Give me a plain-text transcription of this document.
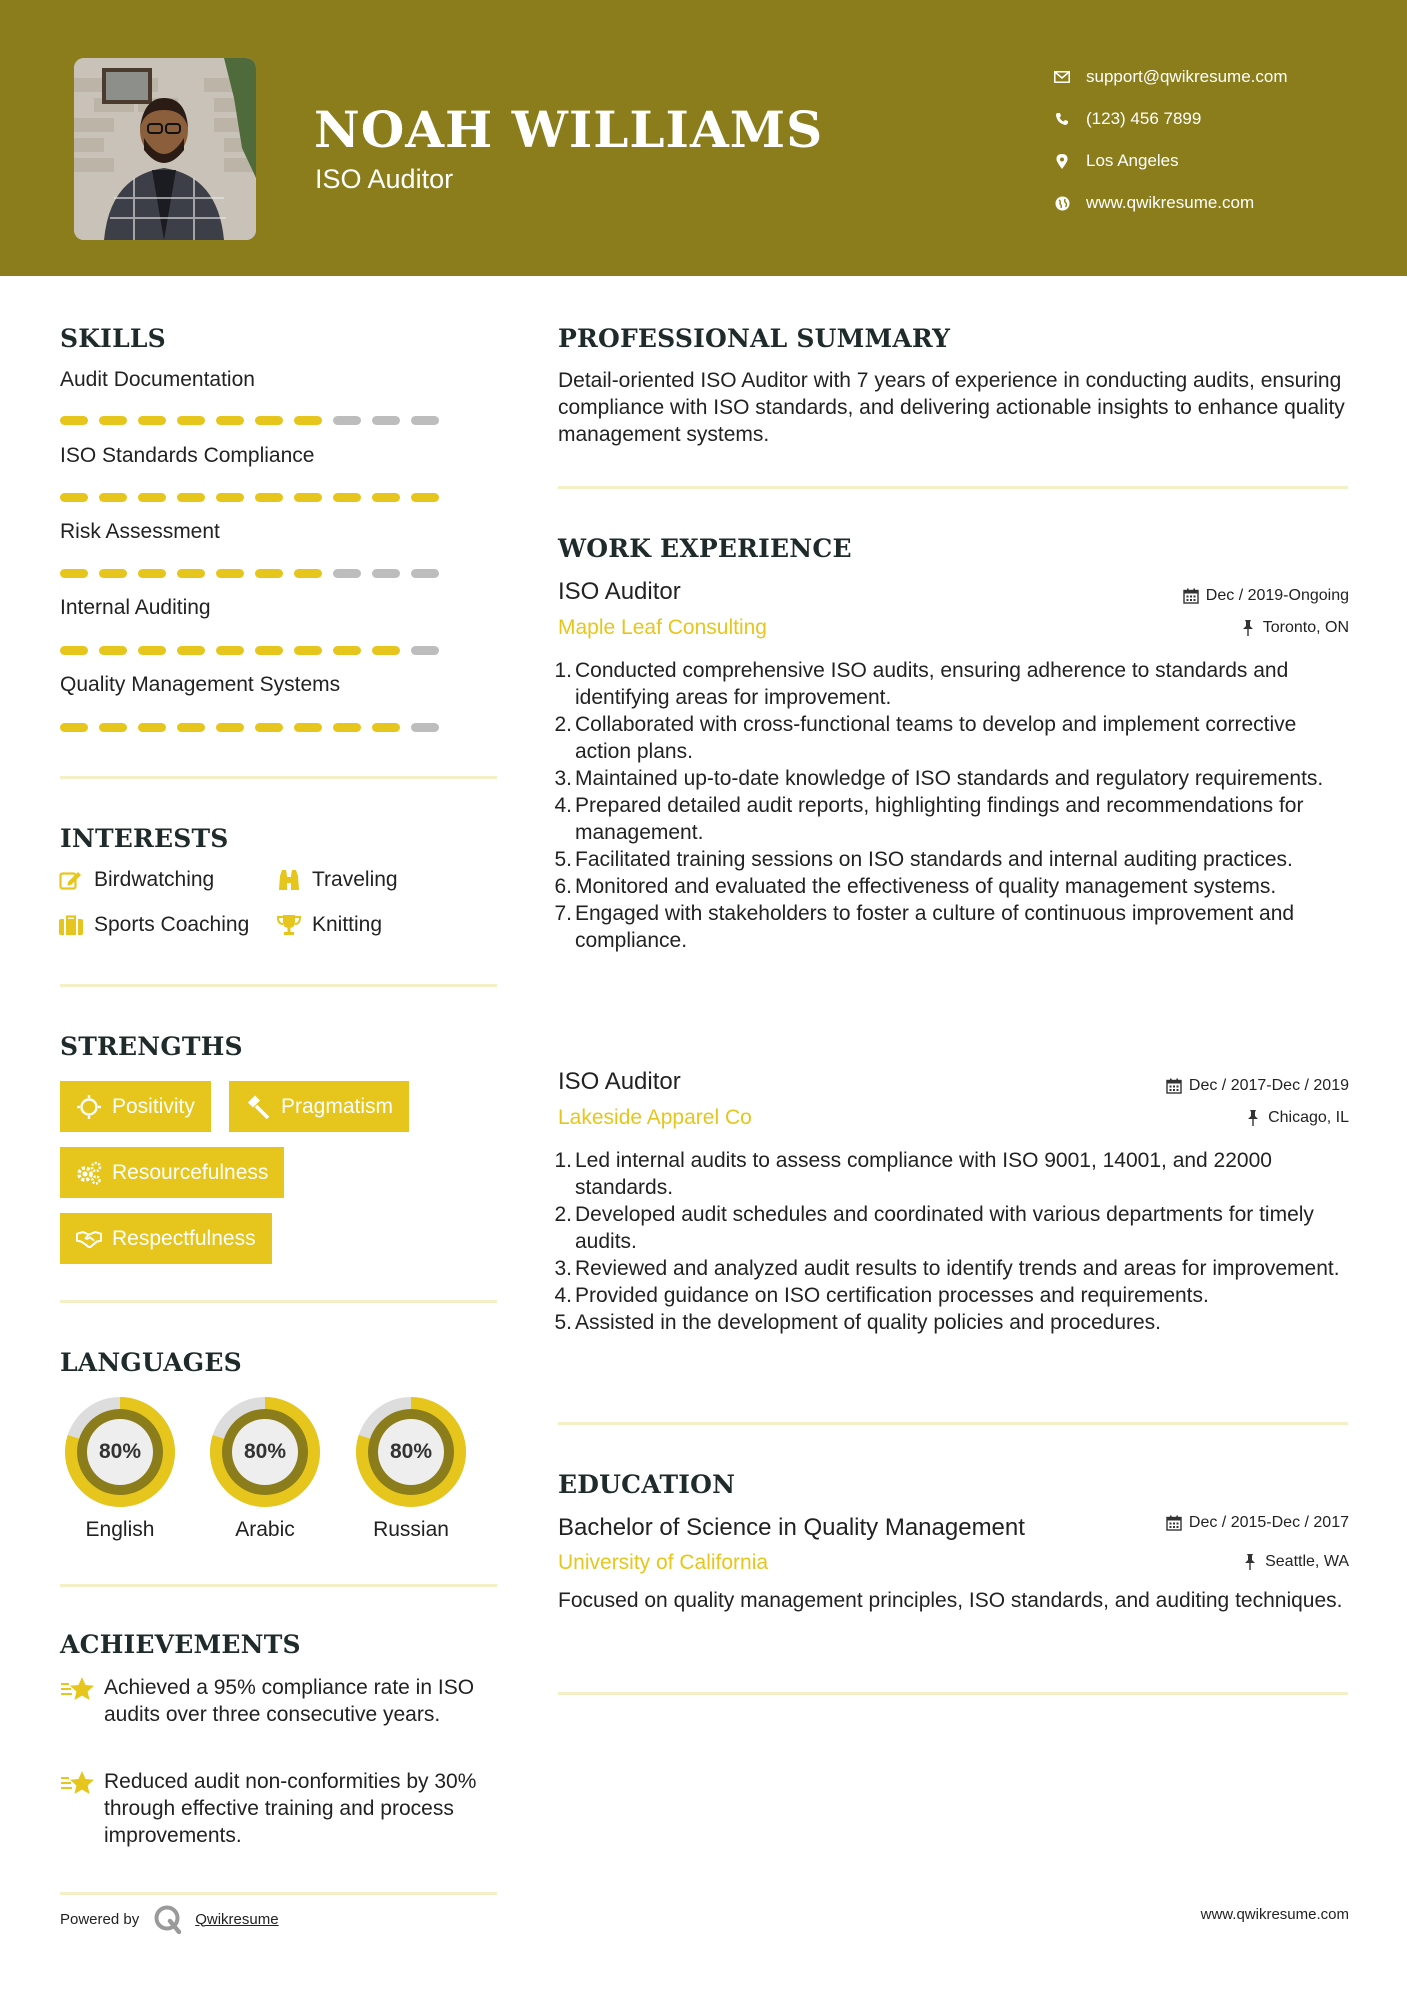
NOAH WILLIAMS
ISO Auditor
support@qwikresume.com
(123) 456 7899
Los Angeles
www.qwikresume.com
SKILLS
Audit Documentation
ISO Standards Compliance
Risk Assessment
Internal Auditing
Quality Management Systems
INTERESTS
Birdwatching	Traveling
Sports Coaching	Knitting
STRENGTHS
Positivity	Pragmatism
Resourcefulness
Respectfulness
LANGUAGES
80%
English
80%
Arabic
80%
Russian
ACHIEVEMENTS
Achieved a 95% compliance rate in ISO audits over three consecutive years.
Reduced audit non-conformities by 30% through effective training and process improvements.
PROFESSIONAL SUMMARY
Detail-oriented ISO Auditor with 7 years of experience in conducting audits, ensuring compliance with ISO standards, and delivering actionable insights to enhance quality management systems.
WORK EXPERIENCE
ISO Auditor	Dec / 2019-Ongoing
Maple Leaf Consulting	Toronto, ON
1. Conducted comprehensive ISO audits, ensuring adherence to standards and identifying areas for improvement.
2. Collaborated with cross-functional teams to develop and implement corrective action plans.
3. Maintained up-to-date knowledge of ISO standards and regulatory requirements.
4. Prepared detailed audit reports, highlighting findings and recommendations for management.
5. Facilitated training sessions on ISO standards and internal auditing practices.
6. Monitored and evaluated the effectiveness of quality management systems.
7. Engaged with stakeholders to foster a culture of continuous improvement and compliance.
ISO Auditor	Dec / 2017-Dec / 2019
Lakeside Apparel Co	Chicago, IL
1. Led internal audits to assess compliance with ISO 9001, 14001, and 22000 standards.
2. Developed audit schedules and coordinated with various departments for timely audits.
3. Reviewed and analyzed audit results to identify trends and areas for improvement.
4. Provided guidance on ISO certification processes and requirements.
5. Assisted in the development of quality policies and procedures.
EDUCATION
Bachelor of Science in Quality Management	Dec / 2015-Dec / 2017
University of California	Seattle, WA
Focused on quality management principles, ISO standards, and auditing techniques.
Powered by	Qwikresume	www.qwikresume.com
